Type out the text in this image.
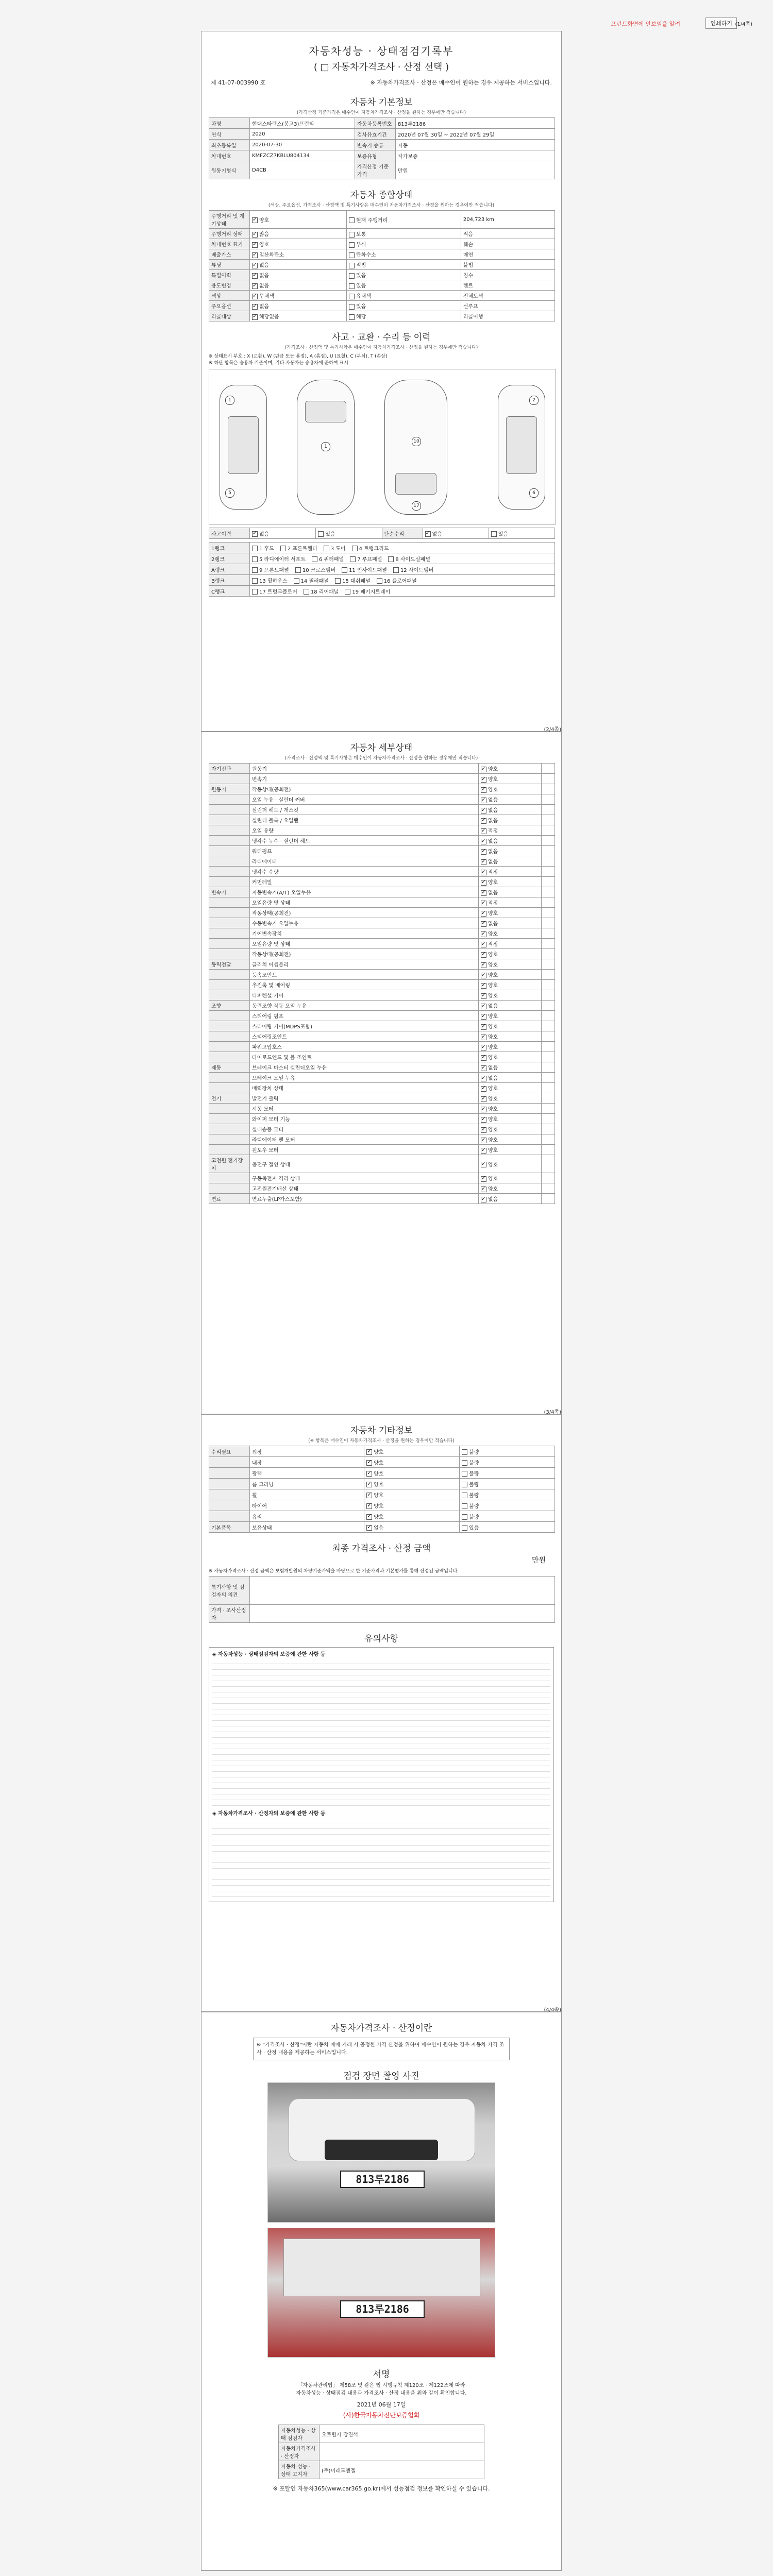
프린트화면에 안보임을 알려	인쇄하기 (1/4쪽)
자동차성능 · 상태점검기록부
( □ 자동차가격조사 · 산정 선택 )
제 41-07-003990 호	※ 자동차가격조사 · 산정은 매수인이 원하는 경우 제공하는 서비스입니다.
자동차 기본정보
(가격산정 기준가격은 매수인이 자동차가격조사 · 산정을 원하는 경우에만 적습니다)
차명	현대스타렉스(봉고3)프런티	자동차등록번호	813루2186
연식	2020	검사유효기간	2020년 07월 30일 ~ 2022년 07월 29일
최초등록일	2020-07-30	변속기 종류	자동
차대번호	KMFZCZ7KBLU804134	보증유형	자가보증
원동기형식	D4CB	가격산정 기준가격	만원
자동차 종합상태
(색상, 주요옵션, 가격조사 · 산정액 및 특기사항은 매수인이 자동차가격조사 · 산정을 원하는 경우에만 적습니다)
주행거리 및 계기상태	✓양호	현재 주행거리	204,723 km
주행거리 상태	✓많음	보통	적음
차대번호 표기	✓양호	부식	훼손
배출가스	✓일산화탄소	탄화수소	매연
튜닝	✓없음	적법	불법
특별이력	✓없음	있음	침수
용도변경	✓없음	있음	렌트
색상	✓무채색	유채색	전체도색
주요옵션	✓없음	있음	선루프
리콜대상	✓해당없음	해당	리콜이행
사고 · 교환 · 수리 등 이력
(가격조사 · 산정액 및 특기사항은 매수인이 자동차가격조사 · 산정을 원하는 경우에만 적습니다)
※ 상태표시 부호 : X (교환), W (판금 또는 용접), A (흠집), U (요철), C (부식), T (손상)
※ 하단 항목은 승용차 기준이며, 기타 자동차는 승용차에 준하여 표시
1
5
1
10
17
2
6
사고이력	✓없음	있음	단순수리	✓없음	있음
1랭크	1 후드 2 프론트휀더 3 도어 4 트렁크리드
2랭크	5 라디에이터 서포트 6 쿼터패널 7 루프패널 8 사이드실패널
A랭크	9 프론트패널 10 크로스멤버 11 인사이드패널 12 사이드멤버
B랭크	13 휠하우스 14 필러패널 15 대쉬패널 16 플로어패널
C랭크	17 트렁크플로어 18 리어패널 19 패키지트레이
(2/4쪽)
자동차 세부상태
(가격조사 · 산정액 및 특기사항은 매수인이 자동차가격조사 · 산정을 원하는 경우에만 적습니다)
자기진단	원동기	✓양호	
	변속기	✓양호	
원동기	작동상태(공회전)	✓양호	
	오일 누유 · 실린더 커버	✓없음	
	실린더 헤드 / 개스킷	✓없음	
	실린더 블록 / 오일팬	✓없음	
	오일 유량	✓적정	
	냉각수 누수 · 실린더 헤드	✓없음	
	워터펌프	✓없음	
	라디에이터	✓없음	
	냉각수 수량	✓적정	
	커먼레일	✓양호	
변속기	자동변속기(A/T) 오일누유	✓없음	
	오일유량 및 상태	✓적정	
	작동상태(공회전)	✓양호	
	수동변속기 오일누유	✓없음	
	기어변속장치	✓양호	
	오일유량 및 상태	✓적정	
	작동상태(공회전)	✓양호	
동력전달	클러치 어셈블리	✓양호	
	등속조인트	✓양호	
	추진축 및 베어링	✓양호	
	디퍼렌셜 기어	✓양호	
조향	동력조향 작동 오일 누유	✓없음	
	스티어링 펌프	✓양호	
	스티어링 기어(MDPS포함)	✓양호	
	스티어링조인트	✓양호	
	파워고압호스	✓양호	
	타이로드엔드 및 볼 조인트	✓양호	
제동	브레이크 마스터 실린더오일 누유	✓없음	
	브레이크 오일 누유	✓없음	
	배력장치 상태	✓양호	
전기	발전기 출력	✓양호	
	시동 모터	✓양호	
	와이퍼 모터 기능	✓양호	
	실내송풍 모터	✓양호	
	라디에이터 팬 모터	✓양호	
	윈도우 모터	✓양호	
고전원 전기장치	충전구 절연 상태	✓양호	
	구동축전지 격리 상태	✓양호	
	고전원전기배선 상태	✓양호	
연료	연료누출(LP가스포함)	✓없음	
(3/4쪽)
자동차 기타정보
(※ 항목은 매수인이 자동차가격조사 · 산정을 원하는 경우에만 적습니다)
수리필요	외장	✓양호	불량
	내장	✓양호	불량
	광택	✓양호	불량
	룸 크리닝	✓양호	불량
	휠	✓양호	불량
	타이어	✓양호	불량
	유리	✓양호	불량
기본품목	보유상태	✓없음	있음
최종 가격조사 · 산정 금액
만원
※ 자동차가격조사 · 산정 금액은 보험개발원의 차량기준가액을 바탕으로 한 기준가격과 기본평가를 통해 산정된 금액입니다.
특기사항 및 점검자의 의견	
가격 · 조사산정자	
유의사항
◈ 자동차성능 · 상태점검자의 보증에 관한 사항 등
◈ 자동차가격조사 · 산정자의 보증에 관한 사항 등
(4/4쪽)
자동차가격조사 · 산정이란
※ "가격조사 · 산정"이란 자동차 매매 거래 시 공정한 가격 산정을 위하여 매수인이 원하는 경우 자동차 가격 조사 · 산정 내용을 제공하는 서비스입니다.
점검 장면 촬영 사진
813루2186
813루2186
서명
「자동차관리법」 제58조 및 같은 법 시행규칙 제120조 · 제122조에 따라
자동차성능 · 상태점검 내용과 가격조사 · 산정 내용을 위와 같이 확인합니다.
2021년 06월 17일
(사)한국자동차진단보증협회
자동차성능 · 상태 점검자	오토원카 강진석
자동차가격조사 · 산정자	
자동차 성능 · 상태 고지자	(주)미래드엔젤
※ 포탈인 자동차365(www.car365.go.kr)에서 성능점검 정보를 확인하실 수 있습니다.
